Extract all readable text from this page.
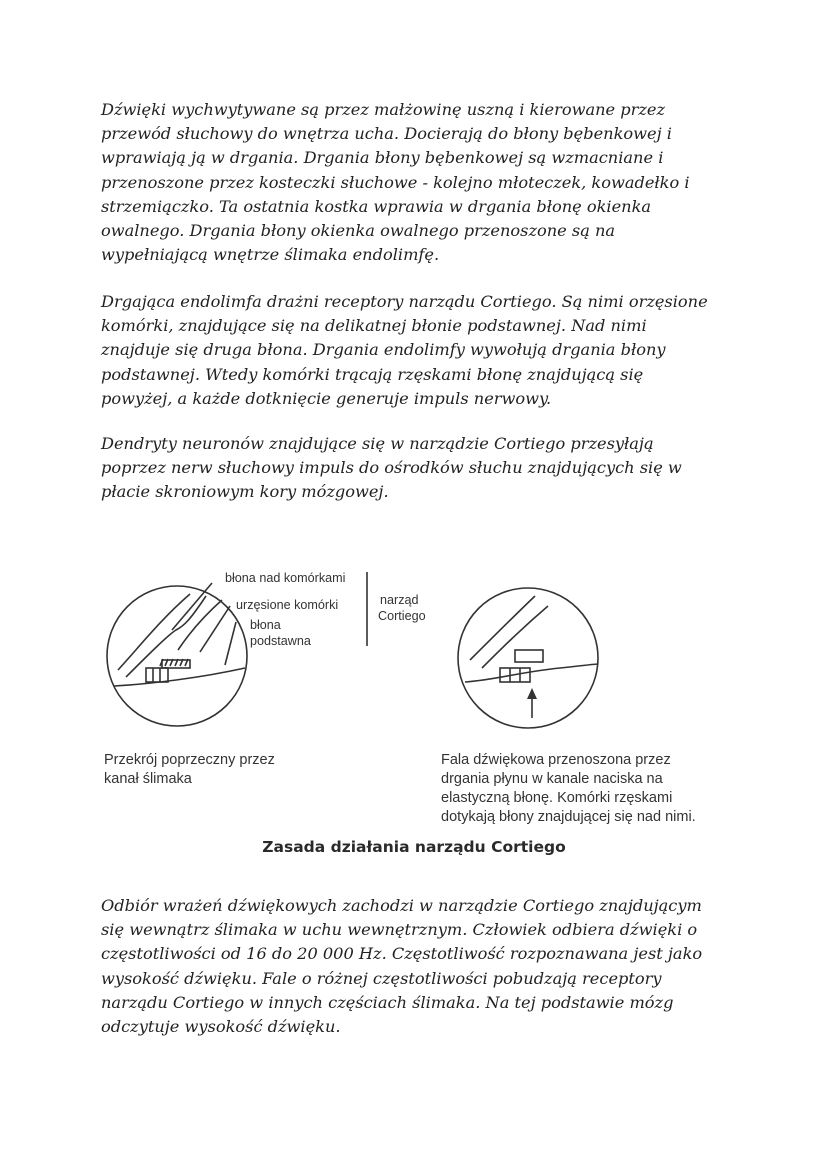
Dźwięki wychwytywane są przez małżowinę uszną i kierowane przez
przewód słuchowy do wnętrza ucha. Docierają do błony bębenkowej i
wprawiają ją w drgania. Drgania błony bębenkowej są wzmacniane i
przenoszone przez kosteczki słuchowe - kolejno młoteczek, kowadełko i
strzemiączko. Ta ostatnia kostka wprawia w drgania błonę okienka
owalnego. Drgania błony okienka owalnego przenoszone są na
wypełniającą wnętrze ślimaka endolimfę.

Drgająca endolimfa drażni receptory narządu Cortiego. Są nimi orzęsione
komórki, znajdujące się na delikatnej błonie podstawnej. Nad nimi
znajduje się druga błona. Drgania endolimfy wywołują drgania błony
podstawnej. Wtedy komórki trącają rzęskami błonę znajdującą się
powyżej, a każde dotknięcie generuje impuls nerwowy.

Dendryty neuronów znajdujące się w narządzie Cortiego przesyłają
poprzez nerw słuchowy impuls do ośrodków słuchu znajdujących się w
płacie skroniowym kory mózgowej.

błona nad komórkami
urzęsione komórki
błona
podstawna
narząd
Cortiego
Przekrój poprzeczny przez
kanał ślimaka
Fala dźwiękowa przenoszona przez
drgania płynu w kanale naciska na
elastyczną błonę. Komórki rzęskami
dotykają błony znajdującej się nad nimi.
Zasada działania narządu Cortiego

Odbiór wrażeń dźwiękowych zachodzi w narządzie Cortiego znajdującym
się wewnątrz ślimaka w uchu wewnętrznym. Człowiek odbiera dźwięki o
częstotliwości od 16 do 20 000 Hz. Częstotliwość rozpoznawana jest jako
wysokość dźwięku. Fale o różnej częstotliwości pobudzają receptory
narządu Cortiego w innych częściach ślimaka. Na tej podstawie mózg
odczytuje wysokość dźwięku.
